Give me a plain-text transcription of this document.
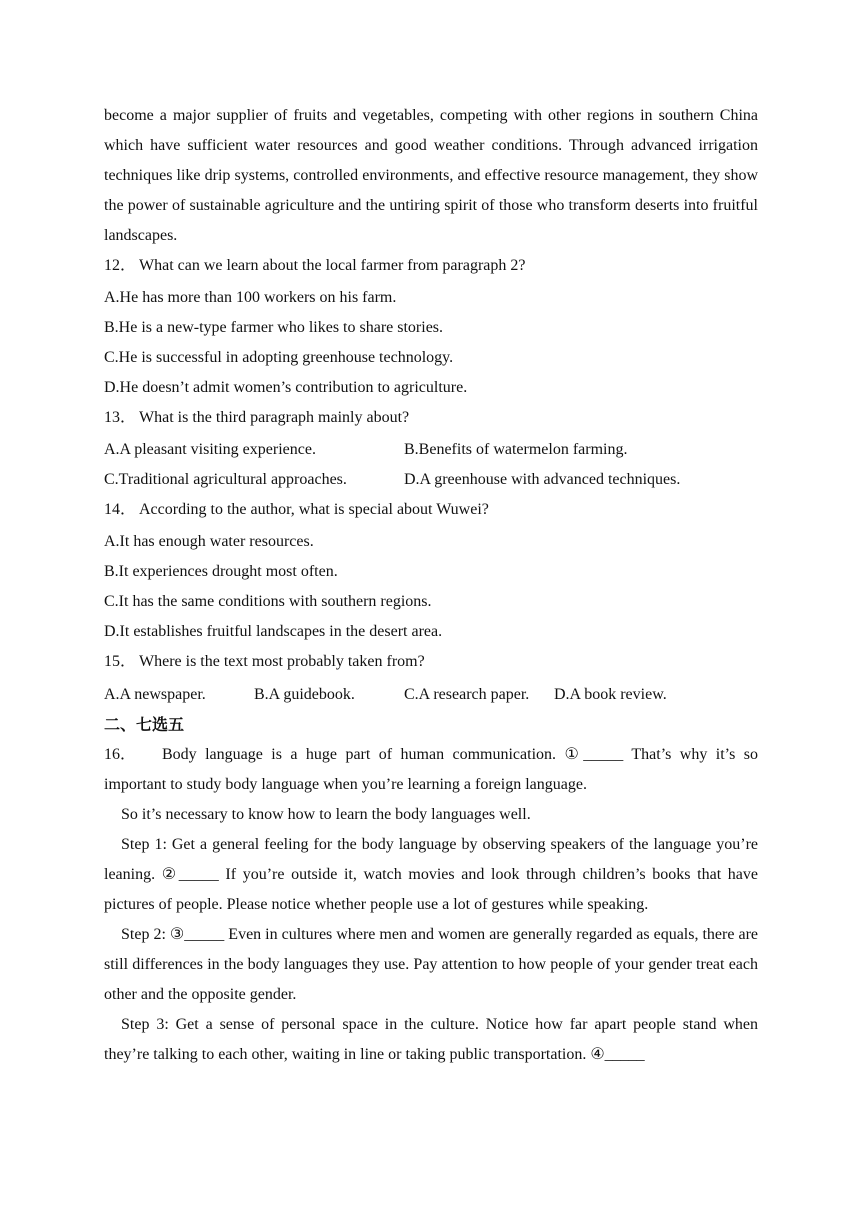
become a major supplier of fruits and vegetables, competing with other regions in southern China which have sufficient water resources and good weather conditions. Through advanced irrigation techniques like drip systems, controlled environments, and effective resource management, they show the power of sustainable agriculture and the untiring spirit of those who transform deserts into fruitful landscapes.

12． What can we learn about the local farmer from paragraph 2?

A.He has more than 100 workers on his farm.

B.He is a new-type farmer who likes to share stories.

C.He is successful in adopting greenhouse technology.

D.He doesn’t admit women’s contribution to agriculture.

13． What is the third paragraph mainly about?
A.A pleasant visiting experience.	B.Benefits of watermelon farming.
C.Traditional agricultural approaches.	D.A greenhouse with advanced techniques.
14． According to the author, what is special about Wuwei?

A.It has enough water resources.

B.It experiences drought most often.

C.It has the same conditions with southern regions.

D.It establishes fruitful landscapes in the desert area.

15． Where is the text most probably taken from?
A.A newspaper.	B.A guidebook.	C.A research paper.	D.A book review.

二、七选五

16． Body language is a huge part of human communication. ①_____ That’s why it’s so important to study body language when you’re learning a foreign language.

So it’s necessary to know how to learn the body languages well.

Step 1: Get a general feeling for the body language by observing speakers of the language you’re leaning. ②_____ If you’re outside it, watch movies and look through children’s books that have pictures of people. Please notice whether people use a lot of gestures while speaking.

Step 2: ③_____ Even in cultures where men and women are generally regarded as equals, there are still differences in the body languages they use. Pay attention to how people of your gender treat each other and the opposite gender.

Step 3: Get a sense of personal space in the culture. Notice how far apart people stand when they’re talking to each other, waiting in line or taking public transportation. ④_____
